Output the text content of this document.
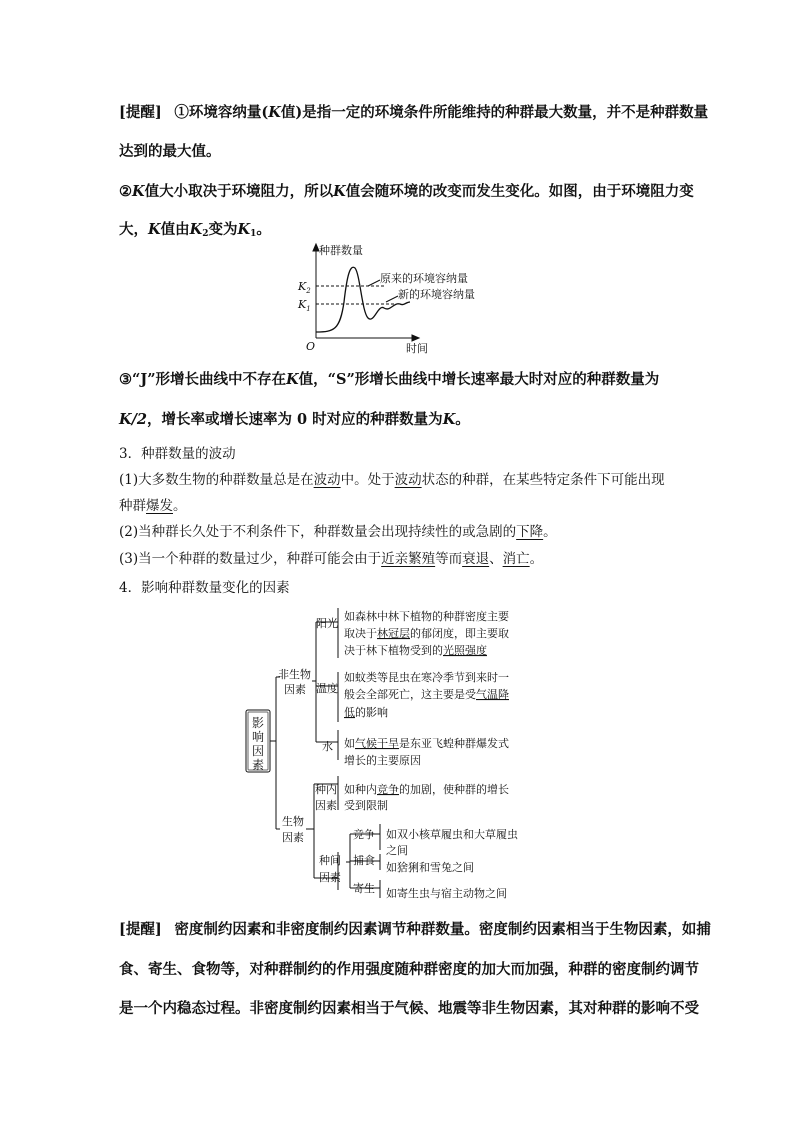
[提醒] ①环境容纳量(K值)是指一定的环境条件所能维持的种群最大数量，并不是种群数量
达到的最大值。
②K值大小取决于环境阻力，所以K值会随环境的改变而发生变化。如图，由于环境阻力变
大，K值由$K_2$变为$K_1$。
种群数量
$K_2$
$K_1$
原来的环境容纳量
新的环境容纳量
O	时间
③“J”形增长曲线中不存在K值，“S”形增长曲线中增长速率最大时对应的种群数量为
K/2，增长率或增长速率为 0 时对应的种群数量为K。
3．种群数量的波动
(1)大多数生物的种群数量总是在波动中。处于波动状态的种群，在某些特定条件下可能出现
种群爆发。
(2)当种群长久处于不利条件下，种群数量会出现持续性的或急剧的下降。
(3)当一个种群的数量过少，种群可能会由于近亲繁殖等而衰退、消亡。
4．影响种群数量变化的因素
影
响
因
素
非生物
因素
生物
因素
阳光
如森林中林下植物的种群密度主要
取决于林冠层的郁闭度，即主要取
决于林下植物受到的光照强度
温度
如蚊类等昆虫在寒冷季节到来时一
般会全部死亡，这主要是受气温降
低的影响
水 如气候干旱是东亚飞蝗种群爆发式
增长的主要原因
种内
因素
如种内竞争的加剧，使种群的增长
受到限制
种间
因素
竞争 如双小核草履虫和大草履虫
之间
捕食
如猞猁和雪兔之间
寄生 如寄生虫与宿主动物之间
[提醒] 密度制约因素和非密度制约因素调节种群数量。密度制约因素相当于生物因素，如捕
食、寄生、食物等，对种群制约的作用强度随种群密度的加大而加强，种群的密度制约调节
是一个内稳态过程。非密度制约因素相当于气候、地震等非生物因素，其对种群的影响不受
